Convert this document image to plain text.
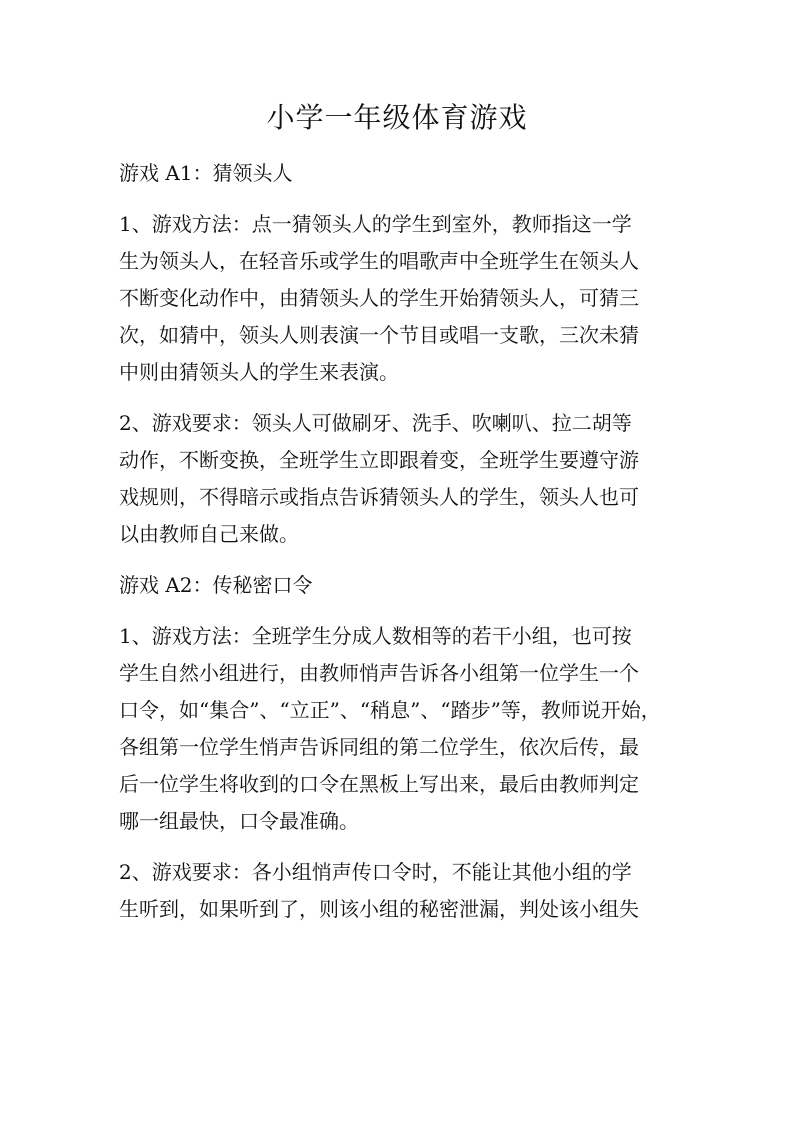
小学一年级体育游戏

游戏 A1：猜领头人

1、游戏方法：点一猜领头人的学生到室外，教师指这一学
生为领头人，在轻音乐或学生的唱歌声中全班学生在领头人
不断变化动作中，由猜领头人的学生开始猜领头人，可猜三
次，如猜中，领头人则表演一个节目或唱一支歌，三次未猜
中则由猜领头人的学生来表演。

2、游戏要求：领头人可做刷牙、洗手、吹喇叭、拉二胡等
动作，不断变换，全班学生立即跟着变，全班学生要遵守游
戏规则，不得暗示或指点告诉猜领头人的学生，领头人也可
以由教师自己来做。

游戏 A2：传秘密口令

1、游戏方法：全班学生分成人数相等的若干小组，也可按
学生自然小组进行，由教师悄声告诉各小组第一位学生一个
口令，如“集合”、“立正”、“稍息”、“踏步”等，教师说开始，
各组第一位学生悄声告诉同组的第二位学生，依次后传，最
后一位学生将收到的口令在黑板上写出来，最后由教师判定
哪一组最快，口令最准确。

2、游戏要求：各小组悄声传口令时，不能让其他小组的学
生听到，如果听到了，则该小组的秘密泄漏，判处该小组失
